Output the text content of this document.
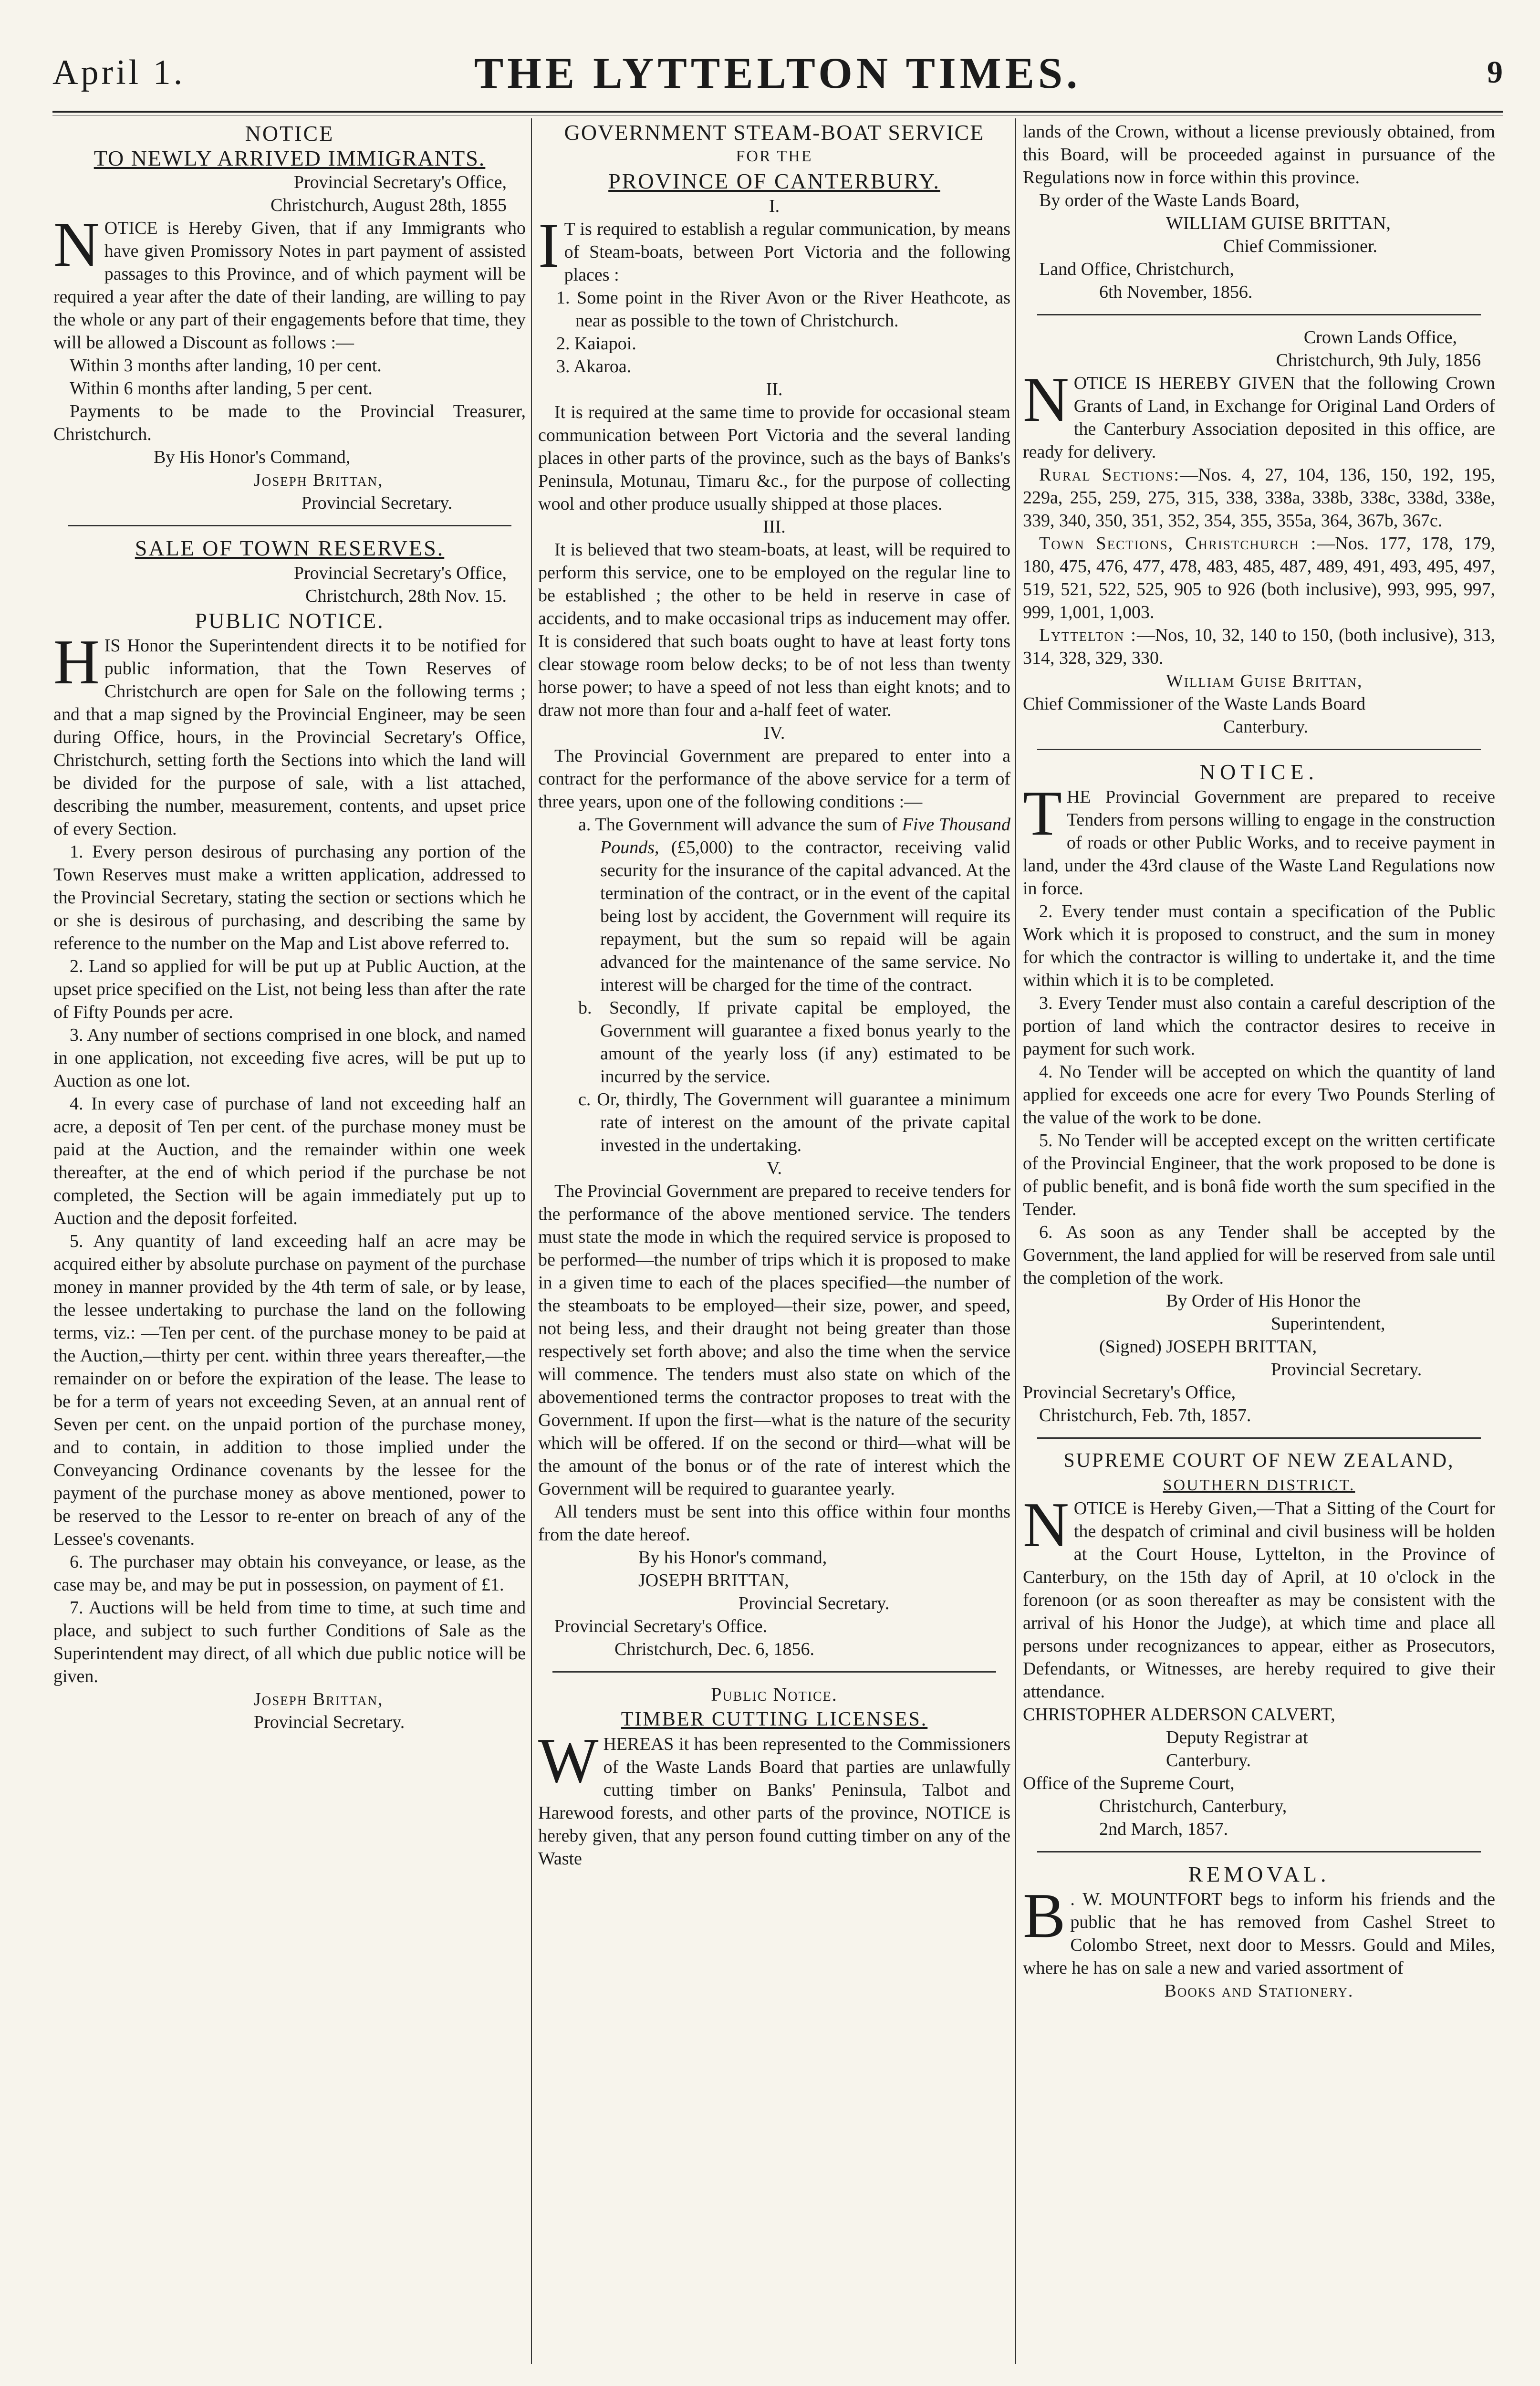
April 1.	THE LYTTELTON TIMES.	9
NOTICE
TO NEWLY ARRIVED IMMIGRANTS.

Provincial Secretary's Office,

Christchurch, August 28th, 1855

NOTICE is Hereby Given, that if any Immigrants who have given Promissory Notes in part payment of assisted passages to this Province, and of which payment will be required a year after the date of their landing, are willing to pay the whole or any part of their engagements before that time, they will be allowed a Discount as follows :—

Within 3 months after landing, 10 per cent.

Within 6 months after landing, 5 per cent.

Payments to be made to the Provincial Treasurer, Christchurch.

By His Honor's Command,

Joseph Brittan,

Provincial Secretary.

SALE OF TOWN RESERVES.

Provincial Secretary's Office,

Christchurch, 28th Nov. 15.

PUBLIC NOTICE.

HIS Honor the Superintendent directs it to be notified for public information, that the Town Reserves of Christchurch are open for Sale on the following terms ; and that a map signed by the Provincial Engineer, may be seen during Office, hours, in the Provincial Secretary's Office, Christchurch, setting forth the Sections into which the land will be divided for the purpose of sale, with a list attached, describing the number, measurement, contents, and upset price of every Section.

1. Every person desirous of purchasing any portion of the Town Reserves must make a written application, addressed to the Provincial Secretary, stating the section or sections which he or she is desirous of purchasing, and describing the same by reference to the number on the Map and List above referred to.

2. Land so applied for will be put up at Public Auction, at the upset price specified on the List, not being less than after the rate of Fifty Pounds per acre.

3. Any number of sections comprised in one block, and named in one application, not exceeding five acres, will be put up to Auction as one lot.

4. In every case of purchase of land not exceeding half an acre, a deposit of Ten per cent. of the purchase money must be paid at the Auction, and the remainder within one week thereafter, at the end of which period if the purchase be not completed, the Section will be again immediately put up to Auction and the deposit forfeited.

5. Any quantity of land exceeding half an acre may be acquired either by absolute purchase on payment of the purchase money in manner provided by the 4th term of sale, or by lease, the lessee undertaking to purchase the land on the following terms, viz.: —Ten per cent. of the purchase money to be paid at the Auction,—thirty per cent. within three years thereafter,—the remainder on or before the expiration of the lease. The lease to be for a term of years not exceeding Seven, at an annual rent of Seven per cent. on the unpaid portion of the purchase money, and to contain, in addition to those implied under the Conveyancing Ordinance covenants by the lessee for the payment of the purchase money as above mentioned, power to be reserved to the Lessor to re-enter on breach of any of the Lessee's covenants.

6. The purchaser may obtain his conveyance, or lease, as the case may be, and may be put in possession, on payment of £1.

7. Auctions will be held from time to time, at such time and place, and subject to such further Conditions of Sale as the Superintendent may direct, of all which due public notice will be given.

Joseph Brittan,

Provincial Secretary.

GOVERNMENT STEAM-BOAT SERVICE
FOR THE
PROVINCE OF CANTERBURY.
I.

I T is required to establish a regular communication, by means of Steam-boats, between Port Victoria and the following places :

1. Some point in the River Avon or the River Heathcote, as near as possible to the town of Christchurch.

2. Kaiapoi.

3. Akaroa.

II.

It is required at the same time to provide for occasional steam communication between Port Victoria and the several landing places in other parts of the province, such as the bays of Banks's Peninsula, Motunau, Timaru &c., for the purpose of collecting wool and other produce usually shipped at those places.

III.

It is believed that two steam-boats, at least, will be required to perform this service, one to be employed on the regular line to be established ; the other to be held in reserve in case of accidents, and to make occasional trips as inducement may offer. It is considered that such boats ought to have at least forty tons clear stowage room below decks; to be of not less than twenty horse power; to have a speed of not less than eight knots; and to draw not more than four and a-half feet of water.

IV.

The Provincial Government are prepared to enter into a contract for the performance of the above service for a term of three years, upon one of the following conditions :—

a. The Government will advance the sum of Five Thousand Pounds, (£5,000) to the contractor, receiving valid security for the insurance of the capital advanced. At the termination of the contract, or in the event of the capital being lost by accident, the Government will require its repayment, but the sum so repaid will be again advanced for the maintenance of the same service. No interest will be charged for the time of the contract.

b. Secondly, If private capital be employed, the Government will guarantee a fixed bonus yearly to the amount of the yearly loss (if any) estimated to be incurred by the service.

c. Or, thirdly, The Government will guarantee a minimum rate of interest on the amount of the private capital invested in the undertaking.

V.

The Provincial Government are prepared to receive tenders for the performance of the above mentioned service. The tenders must state the mode in which the required service is proposed to be performed—the number of trips which it is proposed to make in a given time to each of the places specified—the number of the steamboats to be employed—their size, power, and speed, not being less, and their draught not being greater than those respectively set forth above; and also the time when the service will commence. The tenders must also state on which of the abovementioned terms the contractor proposes to treat with the Government. If upon the first—what is the nature of the security which will be offered. If on the second or third—what will be the amount of the bonus or of the rate of interest which the Government will be required to guarantee yearly.

All tenders must be sent into this office within four months from the date hereof.

By his Honor's command,

JOSEPH BRITTAN,

Provincial Secretary.

Provincial Secretary's Office.

Christchurch, Dec. 6, 1856.

Public Notice.
TIMBER CUTTING LICENSES.

WHEREAS it has been represented to the Commissioners of the Waste Lands Board that parties are unlawfully cutting timber on Banks' Peninsula, Talbot and Harewood forests, and other parts of the province, NOTICE is hereby given, that any person found cutting timber on any of the Waste

lands of the Crown, without a license previously obtained, from this Board, will be proceeded against in pursuance of the Regulations now in force within this province.

By order of the Waste Lands Board,

WILLIAM GUISE BRITTAN,

Chief Commissioner.

Land Office, Christchurch,

6th November, 1856.

Crown Lands Office,

Christchurch, 9th July, 1856

NOTICE IS HEREBY GIVEN that the following Crown Grants of Land, in Exchange for Original Land Orders of the Canterbury Association deposited in this office, are ready for delivery.

Rural Sections:—Nos. 4, 27, 104, 136, 150, 192, 195, 229a, 255, 259, 275, 315, 338, 338a, 338b, 338c, 338d, 338e, 339, 340, 350, 351, 352, 354, 355, 355a, 364, 367b, 367c.

Town Sections, Christchurch :—Nos. 177, 178, 179, 180, 475, 476, 477, 478, 483, 485, 487, 489, 491, 493, 495, 497, 519, 521, 522, 525, 905 to 926 (both inclusive), 993, 995, 997, 999, 1,001, 1,003.

Lyttelton :—Nos, 10, 32, 140 to 150, (both inclusive), 313, 314, 328, 329, 330.

William Guise Brittan,

Chief Commissioner of the Waste Lands Board

Canterbury.

NOTICE.

THE Provincial Government are prepared to receive Tenders from persons willing to engage in the construction of roads or other Public Works, and to receive payment in land, under the 43rd clause of the Waste Land Regulations now in force.

2. Every tender must contain a specification of the Public Work which it is proposed to construct, and the sum in money for which the contractor is willing to undertake it, and the time within which it is to be completed.

3. Every Tender must also contain a careful description of the portion of land which the contractor desires to receive in payment for such work.

4. No Tender will be accepted on which the quantity of land applied for exceeds one acre for every Two Pounds Sterling of the value of the work to be done.

5. No Tender will be accepted except on the written certificate of the Provincial Engineer, that the work proposed to be done is of public benefit, and is bonâ fide worth the sum specified in the Tender.

6. As soon as any Tender shall be accepted by the Government, the land applied for will be reserved from sale until the completion of the work.

By Order of His Honor the

Superintendent,

(Signed) JOSEPH BRITTAN,

Provincial Secretary.

Provincial Secretary's Office,

Christchurch, Feb. 7th, 1857.

SUPREME COURT OF NEW ZEALAND,
SOUTHERN DISTRICT.

NOTICE is Hereby Given,—That a Sitting of the Court for the despatch of criminal and civil business will be holden at the Court House, Lyttelton, in the Province of Canterbury, on the 15th day of April, at 10 o'clock in the forenoon (or as soon thereafter as may be consistent with the arrival of his Honor the Judge), at which time and place all persons under recognizances to appear, either as Prosecutors, Defendants, or Witnesses, are hereby required to give their attendance.

CHRISTOPHER ALDERSON CALVERT,

Deputy Registrar at

Canterbury.

Office of the Supreme Court,

Christchurch, Canterbury,

2nd March, 1857.

REMOVAL.

B . W. MOUNTFORT begs to inform his friends and the public that he has removed from Cashel Street to Colombo Street, next door to Messrs. Gould and Miles, where he has on sale a new and varied assortment of

Books and Stationery.
